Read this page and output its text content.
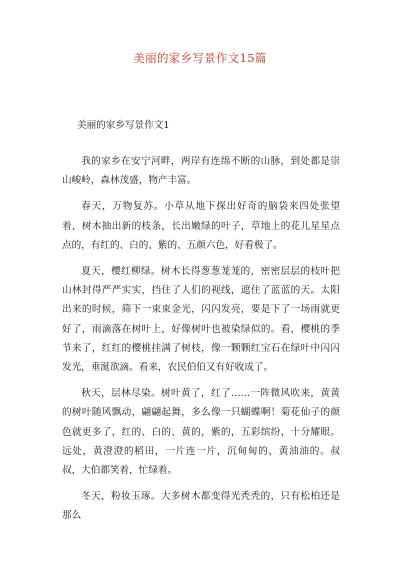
美丽的家乡写景作文15篇
美丽的家乡写景作文1

我的家乡在安宁河畔，两岸有连绵不断的山脉，到处都是崇山峻岭，森林茂盛，物产丰富。

春天，万物复苏。小草从地下探出好奇的脑袋来四处张望着，树木抽出新的枝条，长出嫩绿的叶子，草地上的花儿星星点点的，有红的、白的、紫的、五颜六色，好看极了。

夏天，樱红柳绿。树木长得葱葱茏茏的，密密层层的枝叶把山林封得严严实实，挡住了人们的视线，遮住了蓝蓝的天。太阳出来的时候，筛下一束束金光，闪闪发亮，要是下了一场雨就更好了，雨滴落在树叶上，好像树叶也被染绿似的。看，樱桃的季节来了，红红的樱桃挂满了树枝，像一颗颗红宝石在绿叶中闪闪发光，垂涎欲滴。看来，农民伯伯又有好收成了。

秋天，层林尽染。树叶黄了，红了……一阵微风吹来，黄黄的树叶随风飘动，翩翩起舞，多么像一只蝴蝶啊！菊花仙子的颜色就更多了，红的、白的、黄的，紫的，五彩缤纷，十分耀眼。远处，黄澄澄的稻田，一片连一片，沉甸甸的，黄油油的。叔叔，大伯都笑着，忙绿着。

冬天，粉妆玉琢。大多树木都变得光秃秃的，只有松柏还是那么
